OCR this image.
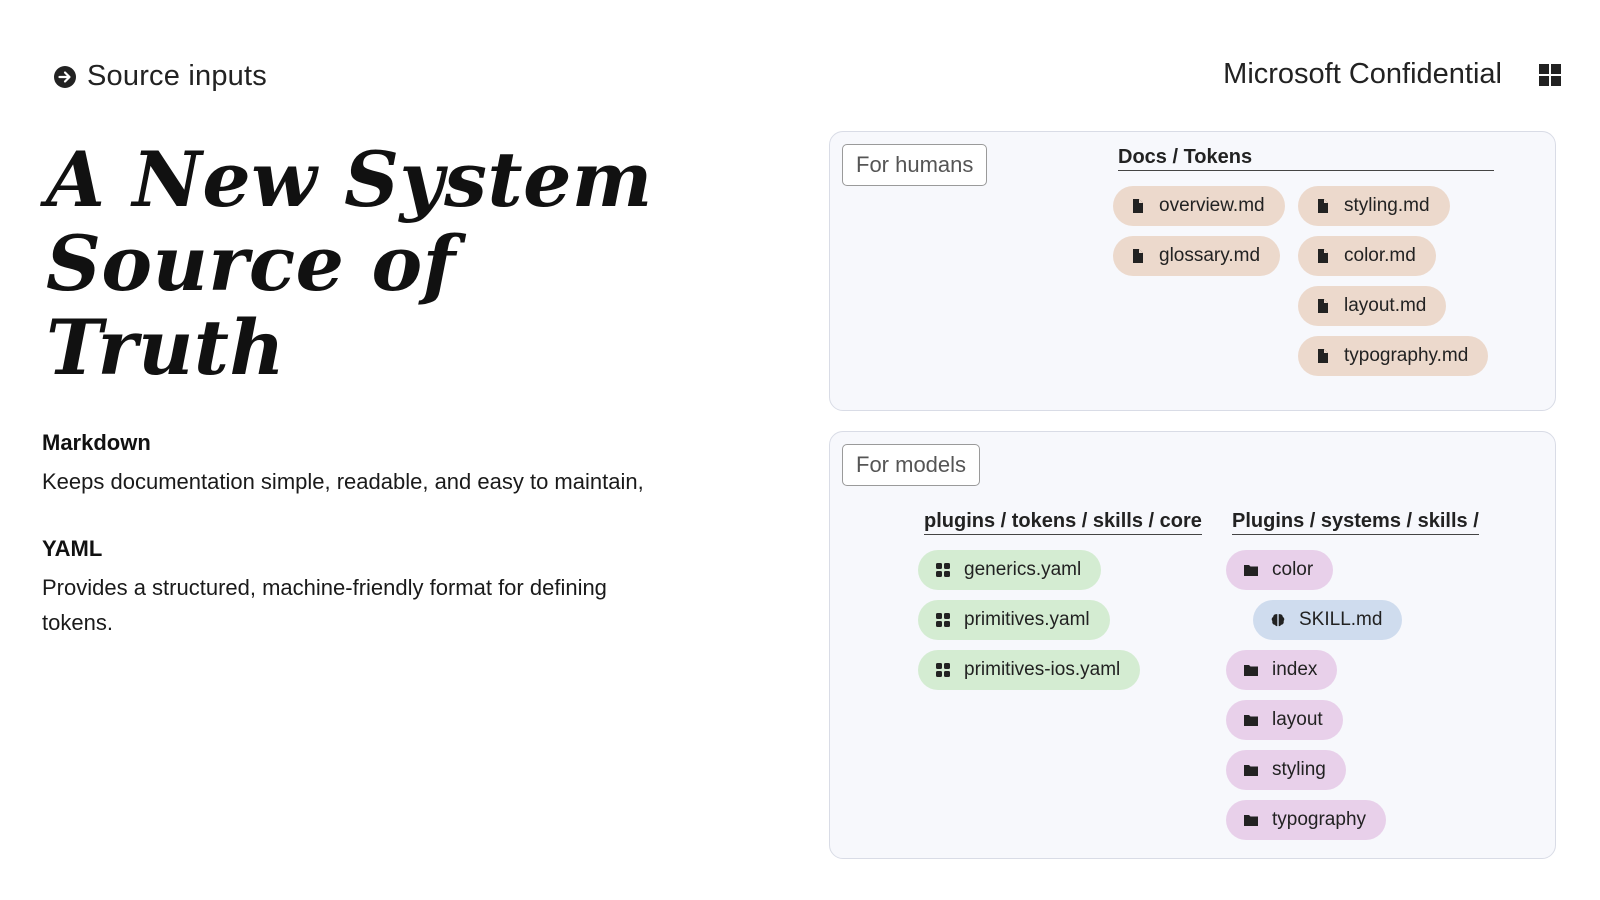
Source inputs	Microsoft Confidential
A New System
Source of
Truth
Markdown

Keeps documentation simple, readable, and easy to maintain,

YAML

Provides a structured, machine-friendly format for defining tokens.

For humans	Docs / Tokens
overview.md	styling.md
glossary.md	color.md
layout.md
typography.md
For models
plugins / tokens / skills / core Plugins / systems / skills /
generics.yaml
primitives.yaml
primitives-ios.yaml
color
SKILL.md
index
layout
styling
typography
